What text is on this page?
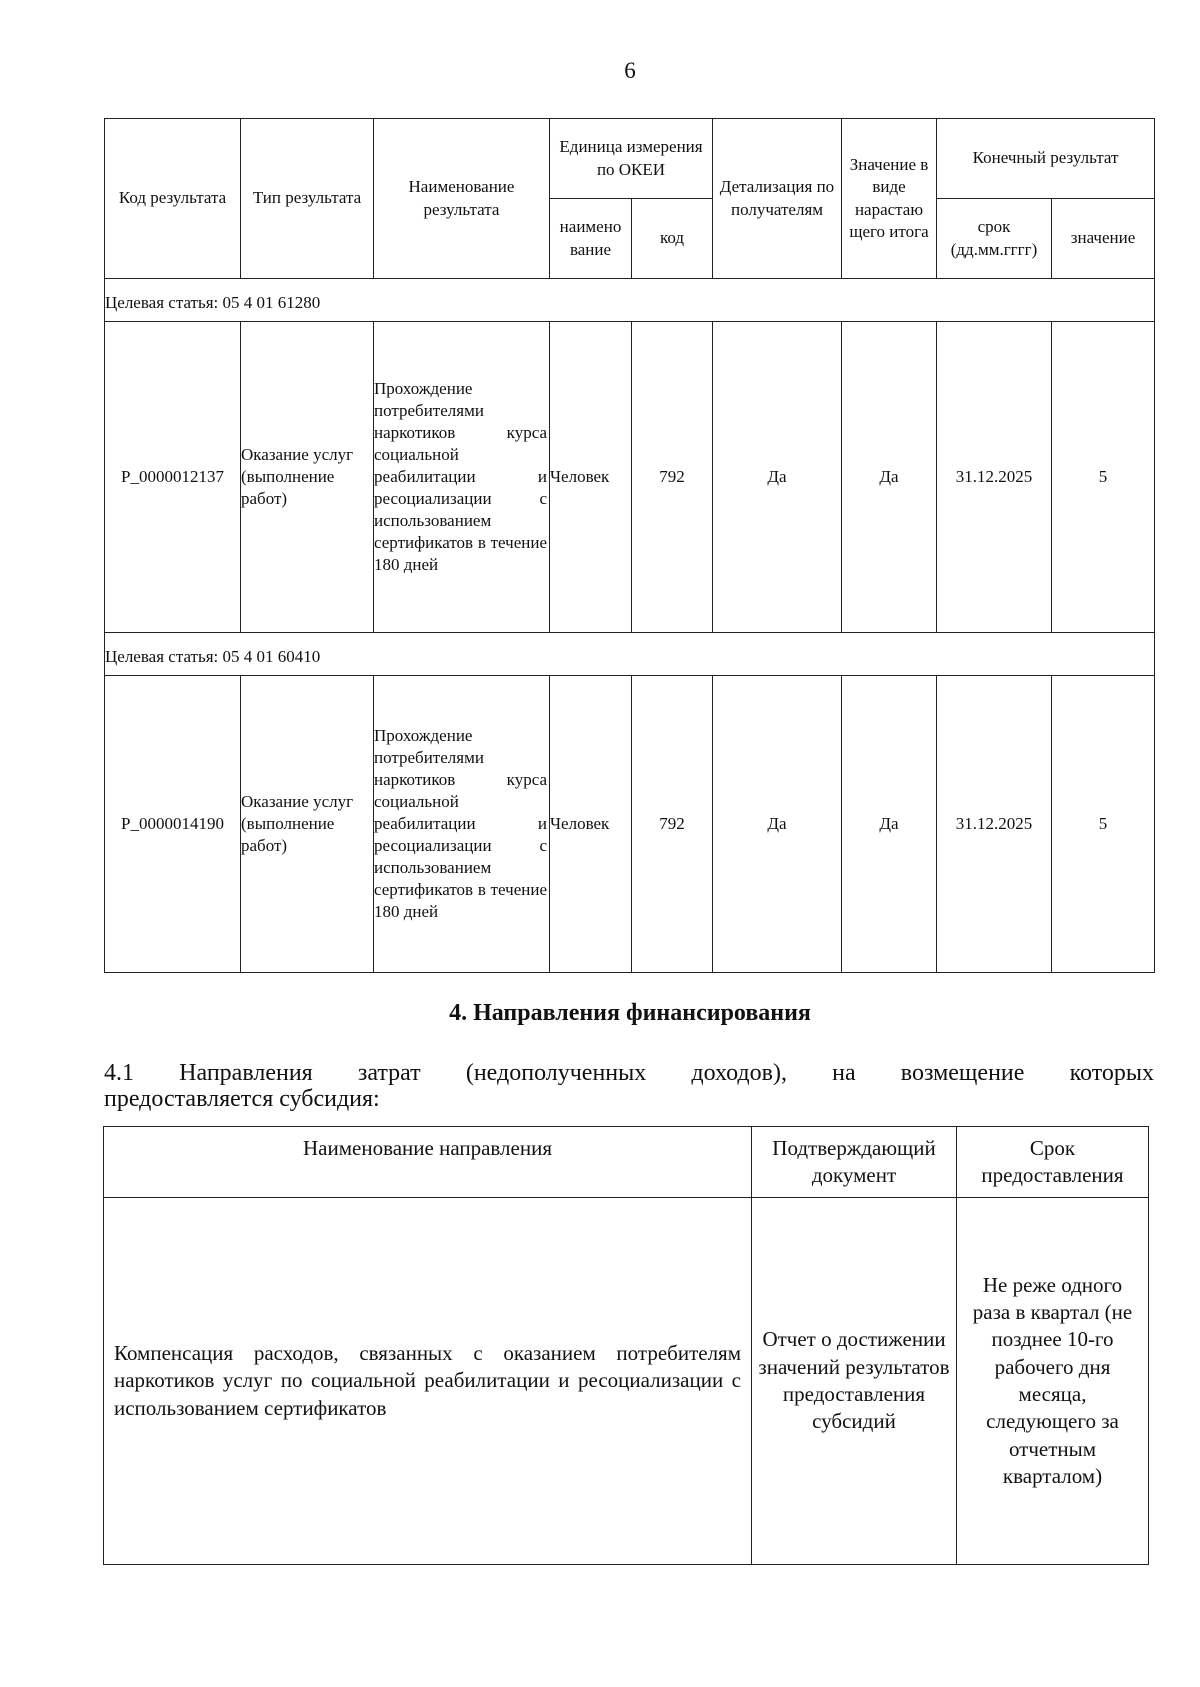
6
Код результата	Тип результата	Наименование результата	Единица измерения по ОКЕИ		Детализация по получателям	Значение в виде нарастаю щего итога	Конечный результат	
			наимено вание	код			срок (дд.мм.гггг)	значение
Целевая статья: 05 4 01 61280								
P_0000012137	Оказание услуг (выполнение работ)	Прохождение потребителями наркотиков курса социальной реабилитации и ресоциализации с использованием сертификатов в течение 180 дней	Человек	792	Да	Да	31.12.2025	5
Целевая статья: 05 4 01 60410								
P_0000014190	Оказание услуг (выполнение работ)	Прохождение потребителями наркотиков курса социальной реабилитации и ресоциализации с использованием сертификатов в течение 180 дней	Человек	792	Да	Да	31.12.2025	5
4. Направления финансирования
4.1 Направления затрат (недополученных доходов), на возмещение которых
предоставляется субсидия:
Наименование направления	Подтверждающий документ	Срок предоставления
Компенсация расходов, связанных с оказанием потребителям наркотиков услуг по социальной реабилитации и ресоциализации с использованием сертификатов	Отчет о достижении значений результатов предоставления субсидий	Не реже одного раза в квартал (не позднее 10-го рабочего дня месяца, следующего за отчетным кварталом)
